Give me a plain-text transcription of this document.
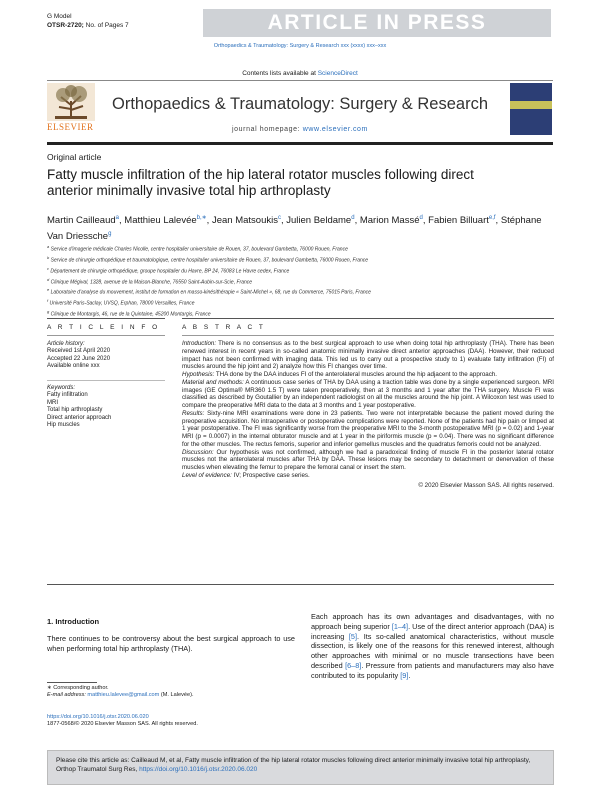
G Model
OTSR-2720; No. of Pages 7	ARTICLE IN PRESS
Orthopaedics & Traumatology: Surgery & Research xxx (xxxx) xxx–xxx
Contents lists available at ScienceDirect
ELSEVIER
Orthopaedics & Traumatology: Surgery & Research
journal homepage: www.elsevier.com
Original article
Fatty muscle infiltration of the hip lateral rotator muscles following direct anterior minimally invasive total hip arthroplasty
Martin Cailleaud$^a$, Matthieu Lalevée$^{b,∗}$, Jean Matsoukis$^c$, Julien Beldame$^d$, Marion Massé$^d$, Fabien Billuart$^{e,f}$, Stéphane Van Driessche$^g$
$^a$ Service d'imagerie médicale Charles Nicolle, centre hospitalier universitaire de Rouen, 37, boulevard Gambetta, 76000 Rouen, France
$^b$ Service de chirurgie orthopédique et traumatologique, centre hospitalier universitaire de Rouen, 37, boulevard Gambetta, 76000 Rouen, France
$^c$ Département de chirurgie orthopédique, groupe hospitalier du Havre, BP 24, 76083 Le Havre cedex, France
$^d$ Clinique Mégival, 1328, avenue de la Maison-Blanche, 76550 Saint-Aubin-sur-Scie, France
$^e$ Laboratoire d'analyse du mouvement, institut de formation en masso-kinésithérapie « Saint-Michel », 68, rue du Commerce, 75015 Paris, France
$^f$ Université Paris-Saclay, UVSQ, Erphan, 78000 Versailles, France
$^g$ Clinique de Montargis, 46, rue de la Quintaine, 45200 Montargis, France
A R T I C L E I N F O	A B S T R A C T
Article history:
Received 1st April 2020
Accepted 22 June 2020
Available online xxx
Keywords:
Fatty infiltration
MRI
Total hip arthroplasty
Direct anterior approach
Hip muscles

Introduction: There is no consensus as to the best surgical approach to use when doing total hip arthroplasty (THA). There has been renewed interest in recent years in so-called anatomic minimally invasive direct anterior approaches (DAA). However, their reduced impact has not been confirmed with imaging data. This led us to carry out a prospective study to 1) evaluate fatty infiltration (FI) of muscles around the hip joint and 2) analyze how this FI changes over time.

Hypothesis: THA done by the DAA induces FI of the anterolateral muscles around the hip adjacent to the approach.

Material and methods: A continuous case series of THA by DAA using a traction table was done by a single experienced surgeon. MRI images (GE Optima® MR360 1.5 T) were taken preoperatively, then at 3 months and 1 year after the THA surgery. Muscle FI was classified as described by Goutallier by an independent radiologist on all the muscles around the hip joint. A Wilcoxon test was used to compare the preoperative MRI data to the data at 3 months and 1 year postoperative.

Results: Sixty-nine MRI examinations were done in 23 patients. Two were not interpretable because the patient moved during the preoperative acquisition. No intraoperative or postoperative complications were reported. None of the patients had hip pain or limped at 1 year postoperative. The FI was significantly worse from the preoperative MRI to the 3-month postoperative MRI (p = 0.02) and 1-year MRI (p = 0.0007) in the internal obturator muscle and at 1 year in the piriformis muscle (p = 0.04). There was no significant difference for the other muscles. The rectus femoris, superior and inferior gemellus muscles and the quadratus femoris could not be analyzed.

Discussion: Our hypothesis was not confirmed, although we had a paradoxical finding of muscle FI in the posterior lateral rotator muscles not the anterolateral muscles after THA by DAA. These lesions may be secondary to detachment or denervation of these muscles when elevating the femur to prepare the femoral canal or insert the stem.

Level of evidence: IV; Prospective case series.

© 2020 Elsevier Masson SAS. All rights reserved.

1. Introduction
There continues to be controversy about the best surgical approach to use when performing total hip arthroplasty (THA).
Each approach has its own advantages and disadvantages, with no approach being superior [1–4]. Use of the direct anterior approach (DAA) is increasing [5]. Its so-called anatomical characteristics, without muscle dissection, is likely one of the reasons for this renewed interest, although other approaches with minimal or no muscle transections have been described [6–8]. Pressure from patients and manufacturers may also have contributed to its popularity [9].
∗ Corresponding author.
E-mail address: matthieu.lalevee@gmail.com (M. Lalevée).
https://doi.org/10.1016/j.otsr.2020.06.020
1877-0568/© 2020 Elsevier Masson SAS. All rights reserved.
Please cite this article as: Cailleaud M, et al, Fatty muscle infiltration of the hip lateral rotator muscles following direct anterior minimally invasive total hip arthroplasty, Orthop Traumatol Surg Res, https://doi.org/10.1016/j.otsr.2020.06.020
